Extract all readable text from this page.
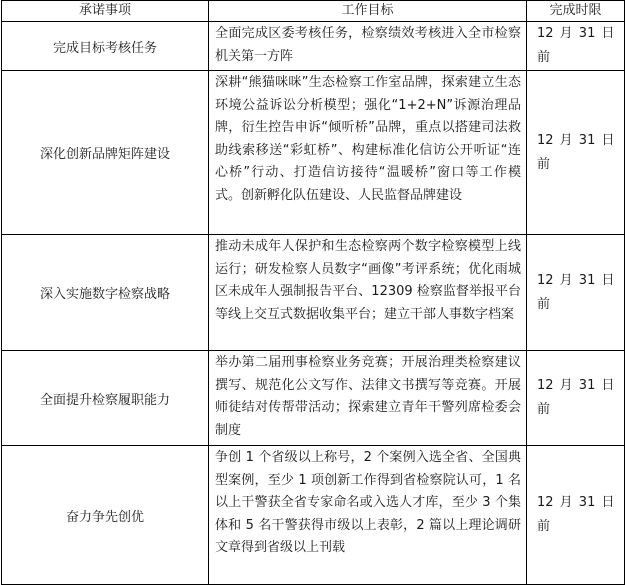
承诺事项	工作目标	完成时限
完成目标考核任务	全面完成区委考核任务，检察绩效考核进入全市检察机关第一方阵	12 月 31 日前
深化创新品牌矩阵建设	深耕“熊猫咪咪”生态检察工作室品牌，探索建立生态环境公益诉讼分析模型；强化“1+2+N”诉源治理品牌，衍生控告申诉“倾听桥”品牌，重点以搭建司法救助线索移送“彩虹桥”、构建标准化信访公开听证“连心桥”行动、打造信访接待“温暖桥”窗口等工作模式。创新孵化队伍建设、人民监督品牌建设	12 月 31 日前
深入实施数字检察战略	推动未成年人保护和生态检察两个数字检察模型上线运行；研发检察人员数字“画像”考评系统；优化雨城区未成年人强制报告平台、12309 检察监督举报平台等线上交互式数据收集平台；建立干部人事数字档案	12 月 31 日前
全面提升检察履职能力	举办第二届刑事检察业务竞赛；开展治理类检察建议撰写、规范化公文写作、法律文书撰写等竞赛。开展师徒结对传帮带活动；探索建立青年干警列席检委会制度	12 月 31 日前
奋力争先创优	争创 1 个省级以上称号，2 个案例入选全省、全国典型案例，至少 1 项创新工作得到省检察院认可，1 名以上干警获全省专家命名或入选人才库，至少 3 个集体和 5 名干警获得市级以上表彰，2 篇以上理论调研文章得到省级以上刊载	12 月 31 日前
